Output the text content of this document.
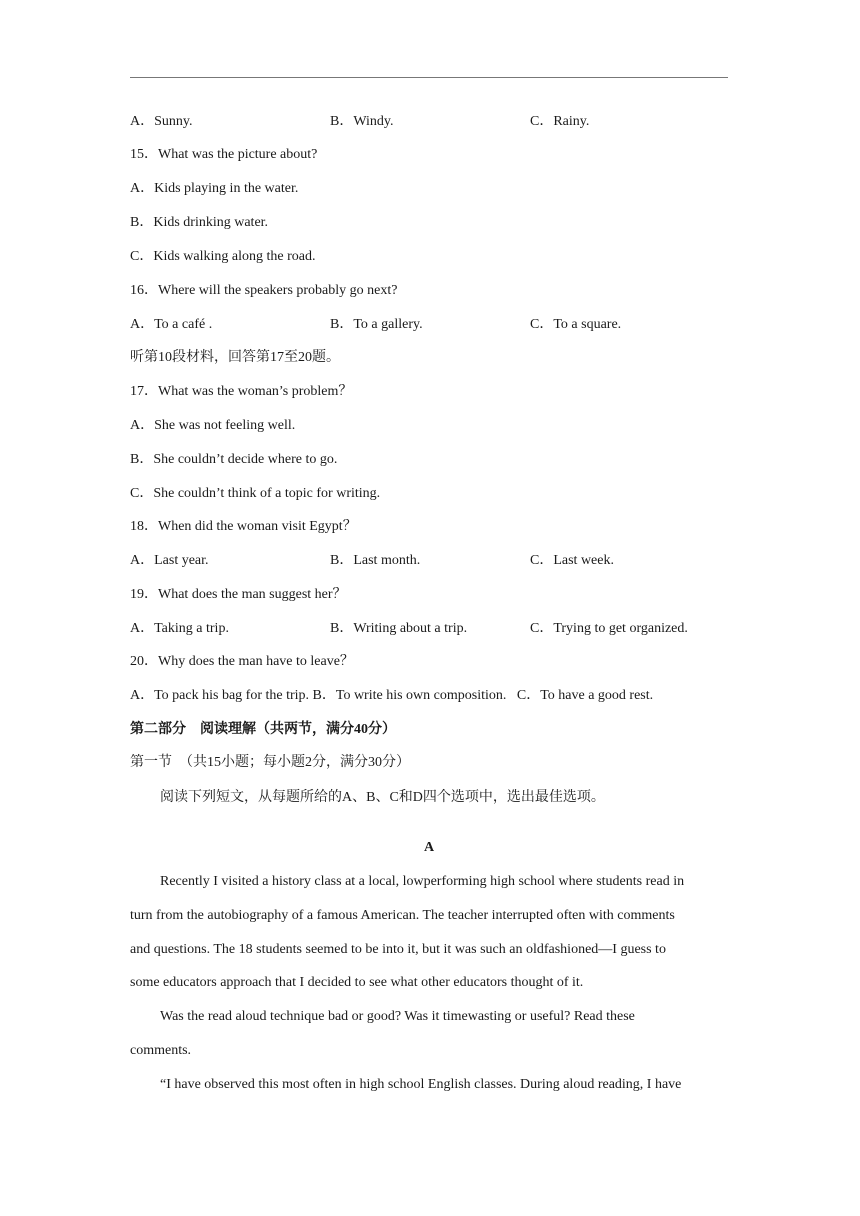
A．Sunny.	B．Windy.	C．Rainy.
15．What was the picture about?
A．Kids playing in the water.
B．Kids drinking water.
C．Kids walking along the road.
16．Where will the speakers probably go next?
A．To a café .	B．To a gallery.	C．To a square.
听第10段材料，回答第17至20题。
17．What was the woman’s problem？
A．She was not feeling well.
B．She couldn’t decide where to go.
C．She couldn’t think of a topic for writing.
18．When did the woman visit Egypt？
A．Last year.	B．Last month.	C．Last week.
19．What does the man suggest her？
A．Taking a trip.	B．Writing about a trip.	C．Trying to get organized.
20．Why does the man have to leave？
A．To pack his bag for the trip. B．To write his own composition.   C．To have a good rest.
第二部分　阅读理解（共两节，满分40分）
第一节　（共15小题；每小题2分，满分30分）
阅读下列短文，从每题所给的A、B、C和D四个选项中，选出最佳选项。
A
Recently I visited a history class at a local, lowperforming high school where students read in
turn from the autobiography of a famous American. The teacher interrupted often with comments
and questions. The 18 students seemed to be into it, but it was such an oldfashioned—I guess to
some educators approach that I decided to see what other educators thought of it.
Was the read aloud technique bad or good? Was it timewasting or useful? Read these
comments.
“I have observed this most often in high school English classes. During aloud reading, I have
